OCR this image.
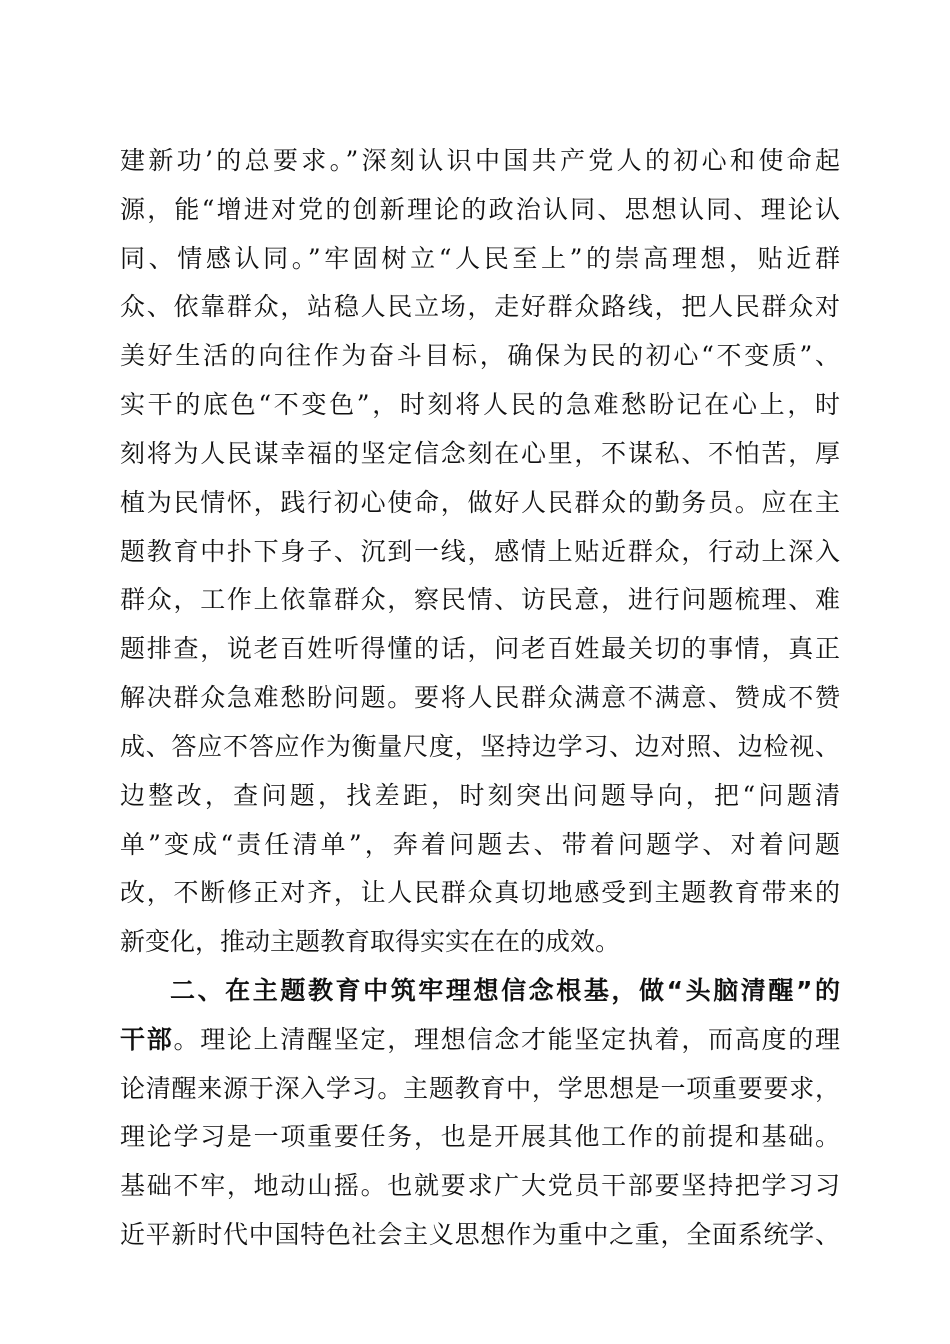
建新功’的总要求。”深刻认识中国共产党人的初心和使命起
源，能“增进对党的创新理论的政治认同、思想认同、理论认
同、情感认同。”牢固树立“人民至上”的崇高理想，贴近群
众、依靠群众，站稳人民立场，走好群众路线，把人民群众对
美好生活的向往作为奋斗目标，确保为民的初心“不变质”、
实干的底色“不变色”，时刻将人民的急难愁盼记在心上，时
刻将为人民谋幸福的坚定信念刻在心里，不谋私、不怕苦，厚
植为民情怀，践行初心使命，做好人民群众的勤务员。应在主
题教育中扑下身子、沉到一线，感情上贴近群众，行动上深入
群众，工作上依靠群众，察民情、访民意，进行问题梳理、难
题排查，说老百姓听得懂的话，问老百姓最关切的事情，真正
解决群众急难愁盼问题。要将人民群众满意不满意、赞成不赞
成、答应不答应作为衡量尺度，坚持边学习、边对照、边检视、
边整改，查问题，找差距，时刻突出问题导向，把“问题清
单”变成“责任清单”，奔着问题去、带着问题学、对着问题
改，不断修正对齐，让人民群众真切地感受到主题教育带来的
新变化，推动主题教育取得实实在在的成效。
二、在主题教育中筑牢理想信念根基，做“头脑清醒”的
干部。理论上清醒坚定，理想信念才能坚定执着，而高度的理
论清醒来源于深入学习。主题教育中，学思想是一项重要要求，
理论学习是一项重要任务，也是开展其他工作的前提和基础。
基础不牢，地动山摇。也就要求广大党员干部要坚持把学习习
近平新时代中国特色社会主义思想作为重中之重，全面系统学、
